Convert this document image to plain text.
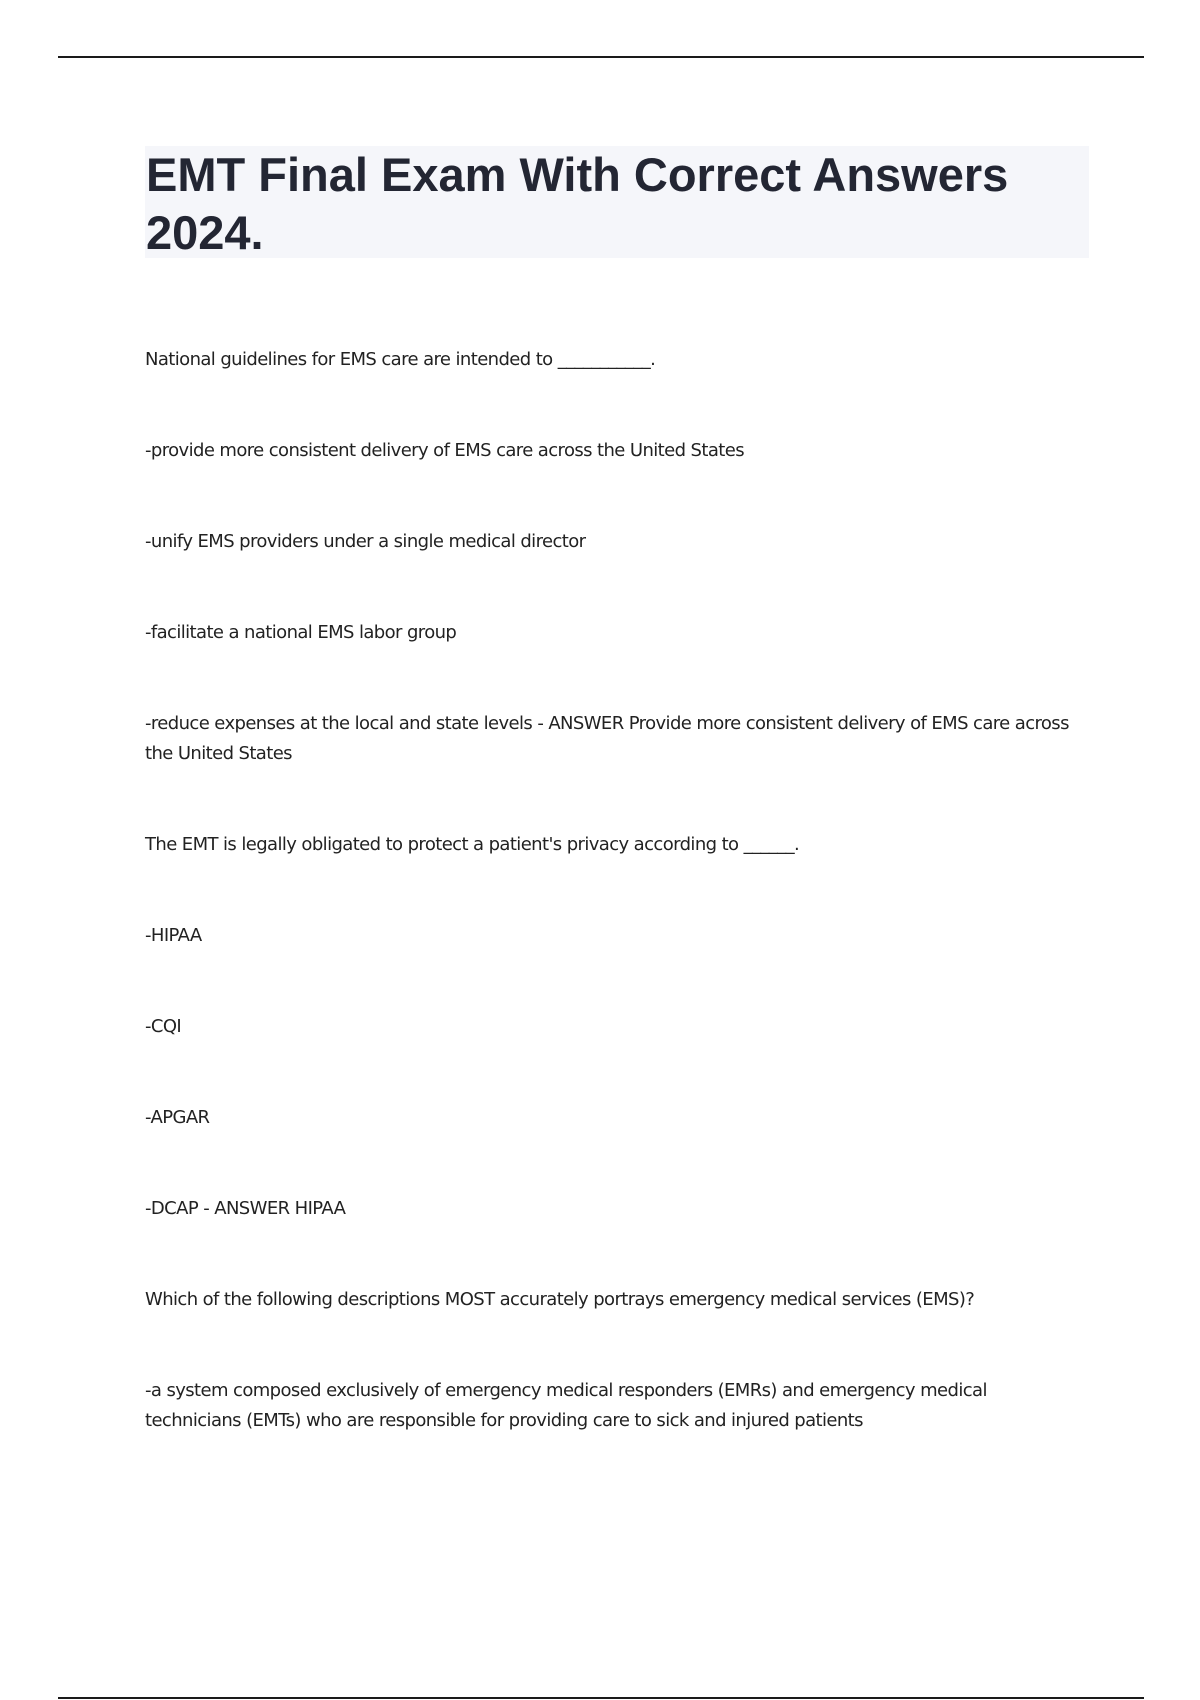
EMT Final Exam With Correct Answers 2024.

National guidelines for EMS care are intended to ___________.

-provide more consistent delivery of EMS care across the United States

-unify EMS providers under a single medical director

-facilitate a national EMS labor group

-reduce expenses at the local and state levels - ANSWER Provide more consistent delivery of EMS care across the United States

The EMT is legally obligated to protect a patient's privacy according to ______.

-HIPAA

-CQI

-APGAR

-DCAP - ANSWER HIPAA

Which of the following descriptions MOST accurately portrays emergency medical services (EMS)?

-a system composed exclusively of emergency medical responders (EMRs) and emergency medical technicians (EMTs) who are responsible for providing care to sick and injured patients
